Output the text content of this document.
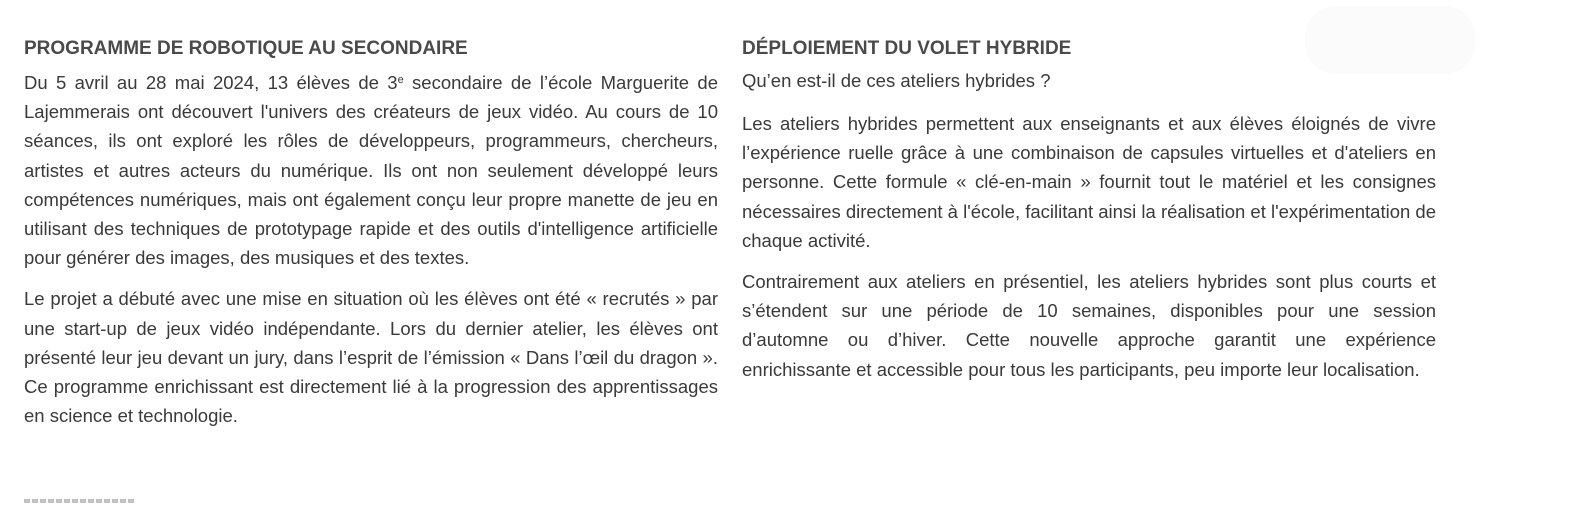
PROGRAMME DE ROBOTIQUE AU SECONDAIRE

Du 5 avril au 28 mai 2024, 13 élèves de 3e secondaire de l’école Marguerite de Lajemmerais ont découvert l'univers des créateurs de jeux vidéo. Au cours de 10 séances, ils ont exploré les rôles de développeurs, programmeurs, chercheurs, artistes et autres acteurs du numérique. Ils ont non seulement développé leurs compétences numériques, mais ont également conçu leur propre manette de jeu en utilisant des techniques de prototypage rapide et des outils d'intelligence artificielle pour générer des images, des musiques et des textes.

Le projet a débuté avec une mise en situation où les élèves ont été « recrutés » par une start-up de jeux vidéo indépendante. Lors du dernier atelier, les élèves ont présenté leur jeu devant un jury, dans l’esprit de l’émission « Dans l’œil du dragon ». Ce programme enrichissant est directement lié à la progression des apprentissages en science et technologie.

DÉPLOIEMENT DU VOLET HYBRIDE
Qu’en est-il de ces ateliers hybrides ?

Les ateliers hybrides permettent aux enseignants et aux élèves éloignés de vivre l’expérience ruelle grâce à une combinaison de capsules virtuelles et d'ateliers en personne. Cette formule « clé-en-main » fournit tout le matériel et les consignes nécessaires directement à l'école, facilitant ainsi la réalisation et l'expérimentation de chaque activité.

Contrairement aux ateliers en présentiel, les ateliers hybrides sont plus courts et s’étendent sur une période de 10 semaines, disponibles pour une session d’automne ou d’hiver. Cette nouvelle approche garantit une expérience enrichissante et accessible pour tous les participants, peu importe leur localisation.
